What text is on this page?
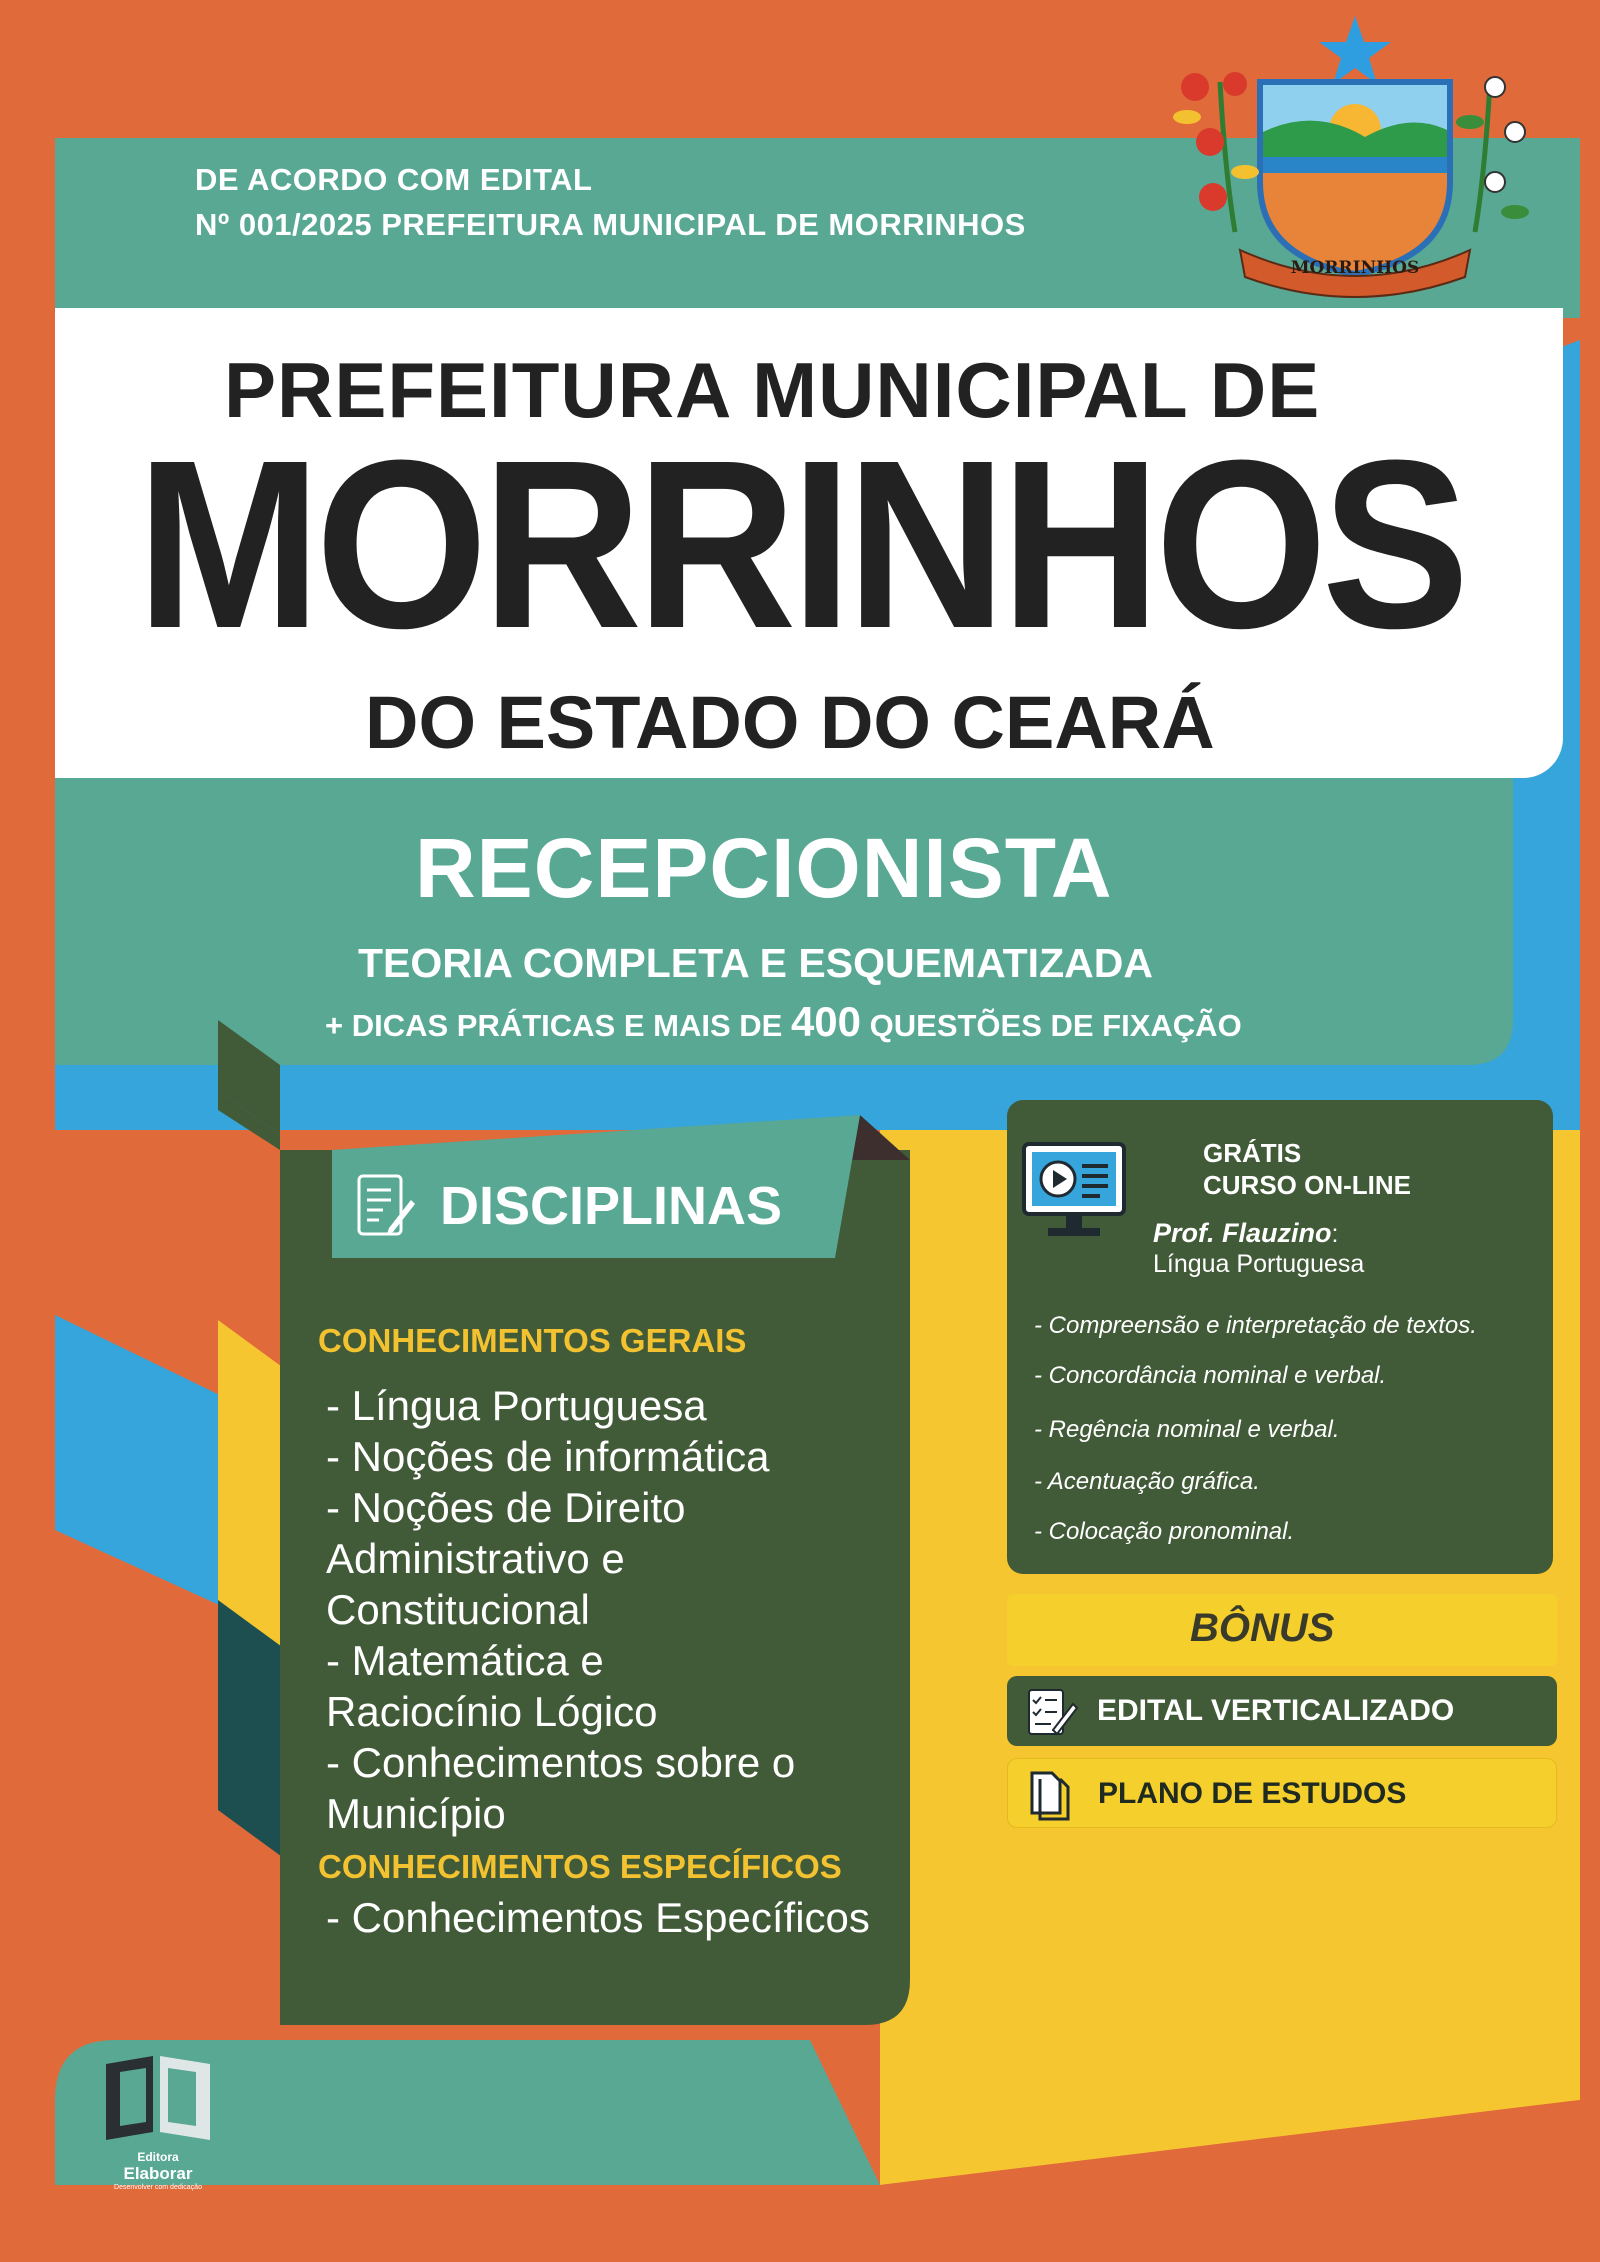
DE ACORDO COM EDITAL
Nº 001/2025 PREFEITURA MUNICIPAL DE MORRINHOS
MORRINHOS
PREFEITURA MUNICIPAL DE
MORRINHOS
DO ESTADO DO CEARÁ
RECEPCIONISTA
TEORIA COMPLETA E ESQUEMATIZADA
+ DICAS PRÁTICAS E MAIS DE 400 QUESTÕES DE FIXAÇÃO
DISCIPLINAS
CONHECIMENTOS GERAIS
- Língua Portuguesa
- Noções de informática
- Noções de Direito
Administrativo e
Constitucional
- Matemática e
Raciocínio Lógico
- Conhecimentos sobre o
Município
CONHECIMENTOS ESPECÍFICOS
- Conhecimentos Específicos
GRÁTIS
CURSO ON-LINE
Prof. Flauzino:
Língua Portuguesa
- Compreensão e interpretação de textos.
- Concordância nominal e verbal.
- Regência nominal e verbal.
- Acentuação gráfica.
- Colocação pronominal.
BÔNUS
EDITAL VERTICALIZADO
PLANO DE ESTUDOS
Editora
Elaborar
Desenvolver com dedicação
